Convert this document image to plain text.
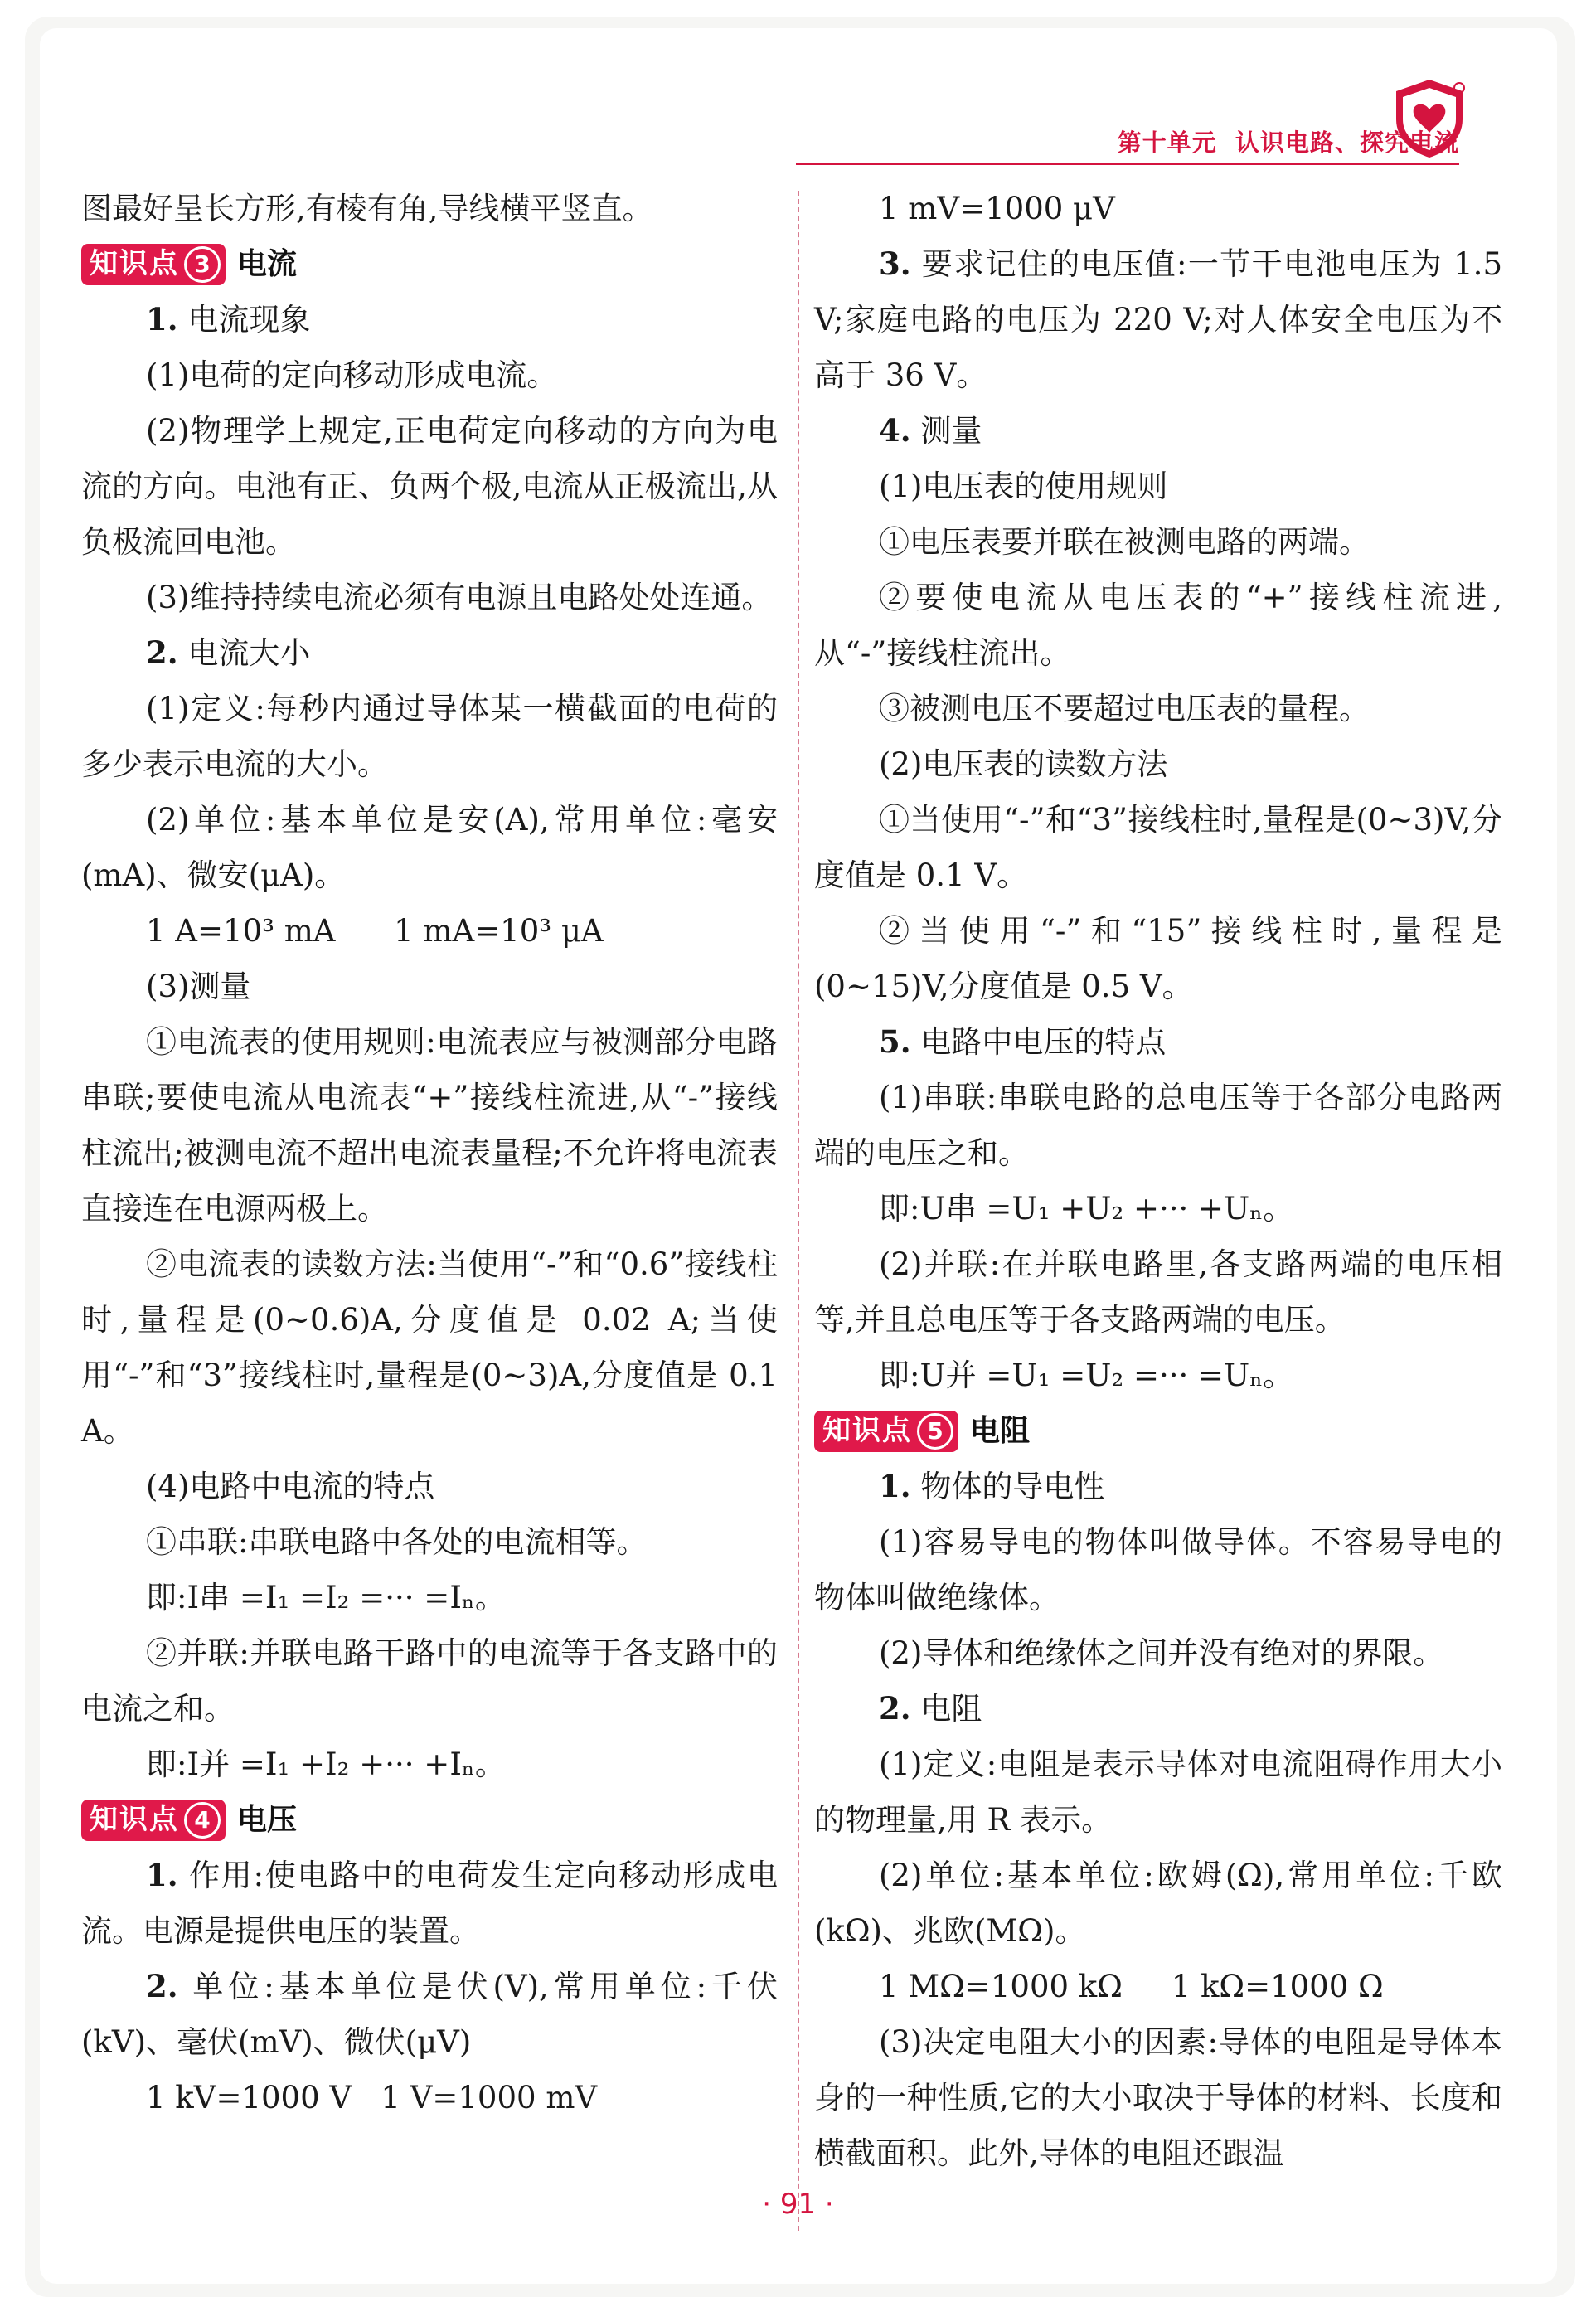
第十单元 认识电路、探究电流

图最好呈长方形,有棱有角,导线横平竖直。

知识点 3 电流

1. 电流现象

(1)电荷的定向移动形成电流。

(2)物理学上规定,正电荷定向移动的方向为电流的方向。电池有正、负两个极,电流从正极流出,从负极流回电池。

(3)维持持续电流必须有电源且电路处处连通。

2. 电流大小

(1)定义:每秒内通过导体某一横截面的电荷的多少表示电流的大小。

(2)单位:基本单位是安(A),常用单位:毫安(mA)、微安(μA)。

1 A=10³ mA      1 mA=10³ μA

(3)测量

①电流表的使用规则:电流表应与被测部分电路串联;要使电流从电流表“+”接线柱流进,从“-”接线柱流出;被测电流不超出电流表量程;不允许将电流表直接连在电源两极上。

②电流表的读数方法:当使用“-”和“0.6”接线柱时,量程是(0~0.6)A,分度值是 0.02 A;当使用“-”和“3”接线柱时,量程是(0~3)A,分度值是 0.1 A。

(4)电路中电流的特点

①串联:串联电路中各处的电流相等。

即:I串 =I₁ =I₂ =··· =Iₙ。

②并联:并联电路干路中的电流等于各支路中的电流之和。

即:I并 =I₁ +I₂ +··· +Iₙ。

知识点 4 电压

1. 作用:使电路中的电荷发生定向移动形成电流。电源是提供电压的装置。

2. 单位:基本单位是伏(V),常用单位:千伏(kV)、毫伏(mV)、微伏(μV)

1 kV=1000 V   1 V=1000 mV

1 mV=1000 μV

3. 要求记住的电压值:一节干电池电压为 1.5 V;家庭电路的电压为 220 V;对人体安全电压为不高于 36 V。

4. 测量

(1)电压表的使用规则

①电压表要并联在被测电路的两端。

②要使电流从电压表的“+”接线柱流进,从“-”接线柱流出。

③被测电压不要超过电压表的量程。

(2)电压表的读数方法

①当使用“-”和“3”接线柱时,量程是(0~3)V,分度值是 0.1 V。

②当使用“-”和“15”接线柱时,量程是(0~15)V,分度值是 0.5 V。

5. 电路中电压的特点

(1)串联:串联电路的总电压等于各部分电路两端的电压之和。

即:U串 =U₁ +U₂ +··· +Uₙ。

(2)并联:在并联电路里,各支路两端的电压相等,并且总电压等于各支路两端的电压。

即:U并 =U₁ =U₂ =··· =Uₙ。

知识点 5 电阻

1. 物体的导电性

(1)容易导电的物体叫做导体。不容易导电的物体叫做绝缘体。

(2)导体和绝缘体之间并没有绝对的界限。

2. 电阻

(1)定义:电阻是表示导体对电流阻碍作用大小的物理量,用 R 表示。

(2)单位:基本单位:欧姆(Ω),常用单位:千欧(kΩ)、兆欧(MΩ)。

1 MΩ=1000 kΩ     1 kΩ=1000 Ω

(3)决定电阻大小的因素:导体的电阻是导体本身的一种性质,它的大小取决于导体的材料、长度和横截面积。此外,导体的电阻还跟温

· 91 ·
